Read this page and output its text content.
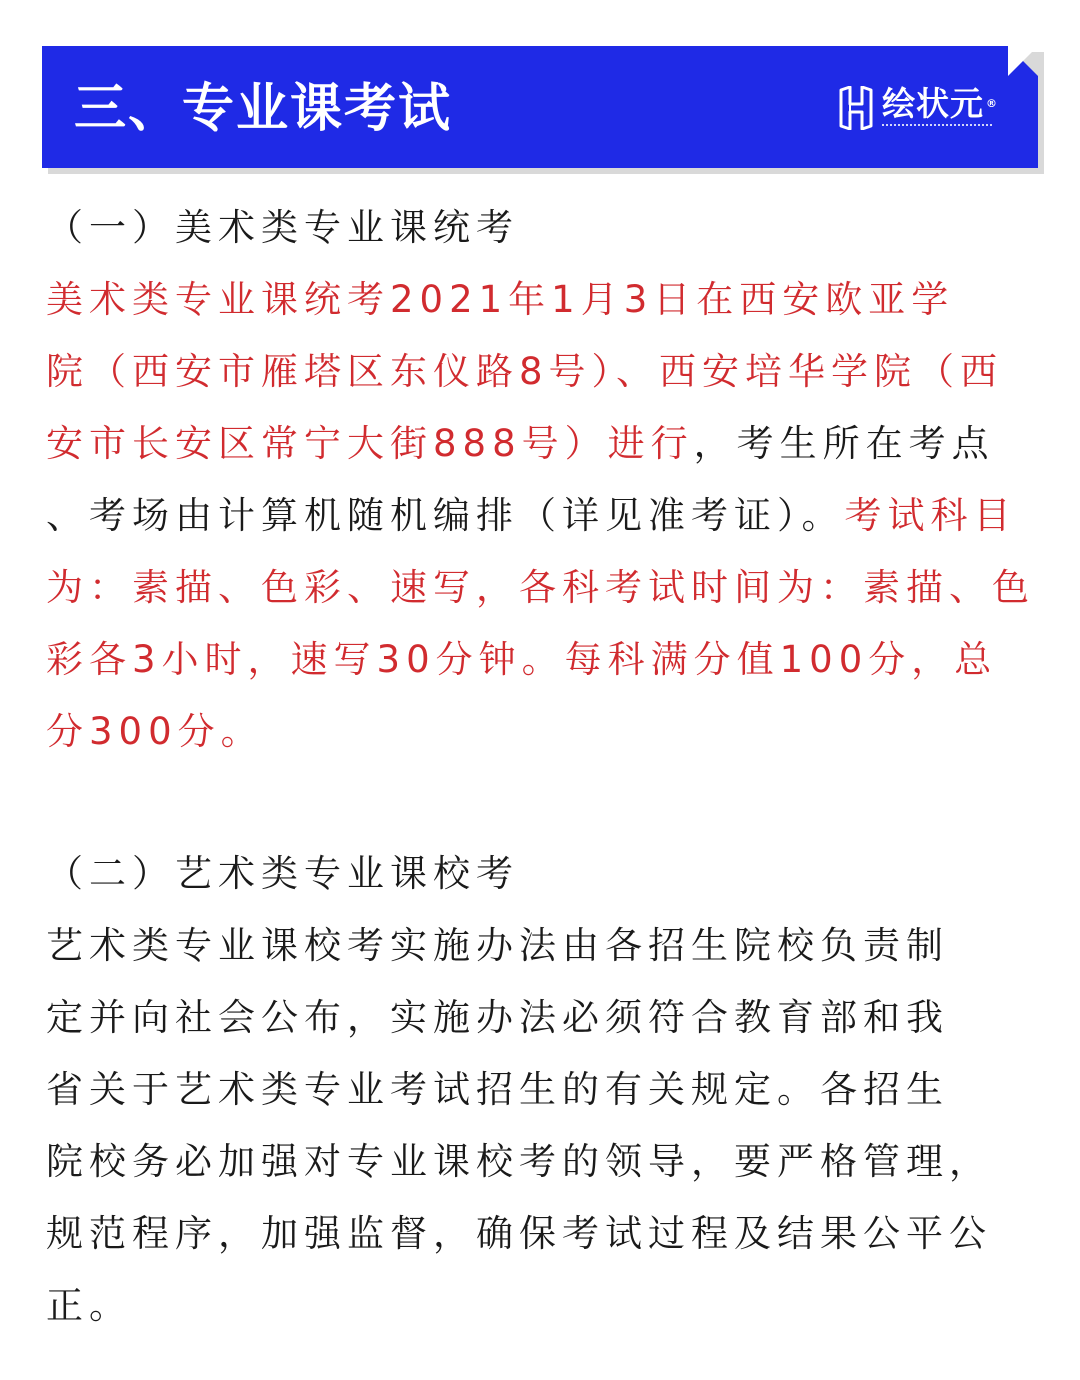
三、专业课考试	绘状元 ®
（一）美术类专业课统考
美术类专业课统考2021年1月3日在西安欧亚学
院（西安市雁塔区东仪路8号）、西安培华学院（西
安市长安区常宁大街888号）进行，考生所在考点
、考场由计算机随机编排（详见准考证）。考试科目
为：素描、色彩、速写，各科考试时间为：素描、色
彩各3小时，速写30分钟。每科满分值100分，总
分300分。
（二）艺术类专业课校考
艺术类专业课校考实施办法由各招生院校负责制
定并向社会公布，实施办法必须符合教育部和我
省关于艺术类专业考试招生的有关规定。各招生
院校务必加强对专业课校考的领导，要严格管理，
规范程序，加强监督，确保考试过程及结果公平公
正。
